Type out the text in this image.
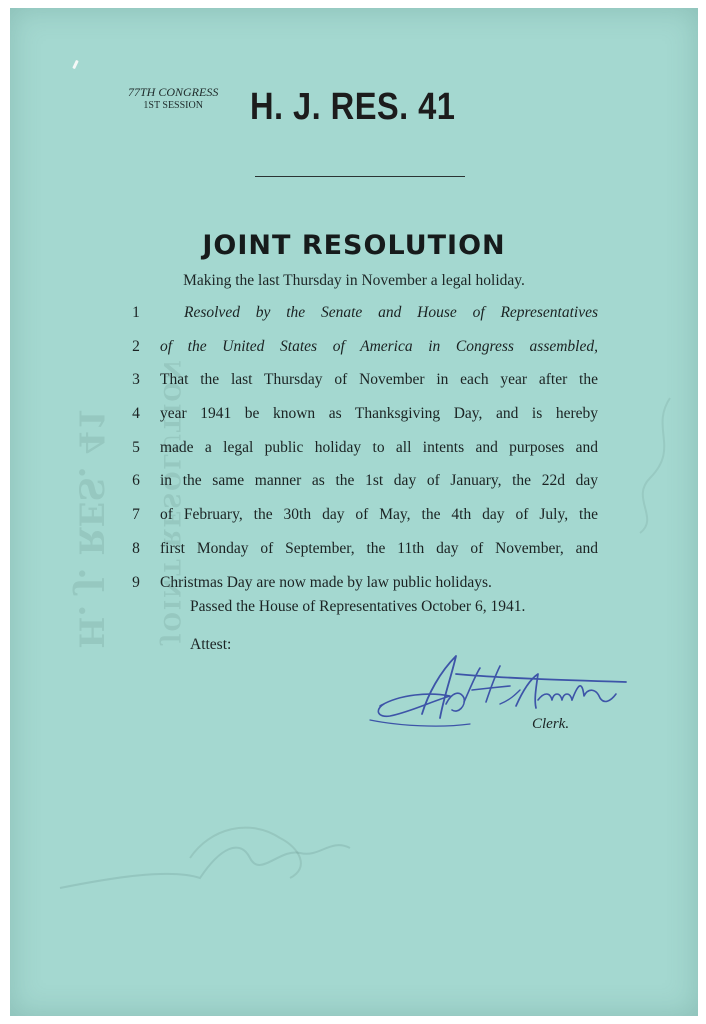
H. J. RES. 41 JOINT RESOLUTION
77TH CONGRESS
1ST SESSION	H. J. RES. 41
JOINT RESOLUTION
Making the last Thursday in November a legal holiday.
1	Resolved by the Senate and House of Representatives
2 of the United States of America in Congress assembled,
3 That the last Thursday of November in each year after the
4 year 1941 be known as Thanksgiving Day, and is hereby
5 made a legal public holiday to all intents and purposes and
6 in the same manner as the 1st day of January, the 22d day
7 of February, the 30th day of May, the 4th day of July, the
8 first Monday of September, the 11th day of November, and
9 Christmas Day are now made by law public holidays.
Passed the House of Representatives October 6, 1941.
Attest:
Clerk.
